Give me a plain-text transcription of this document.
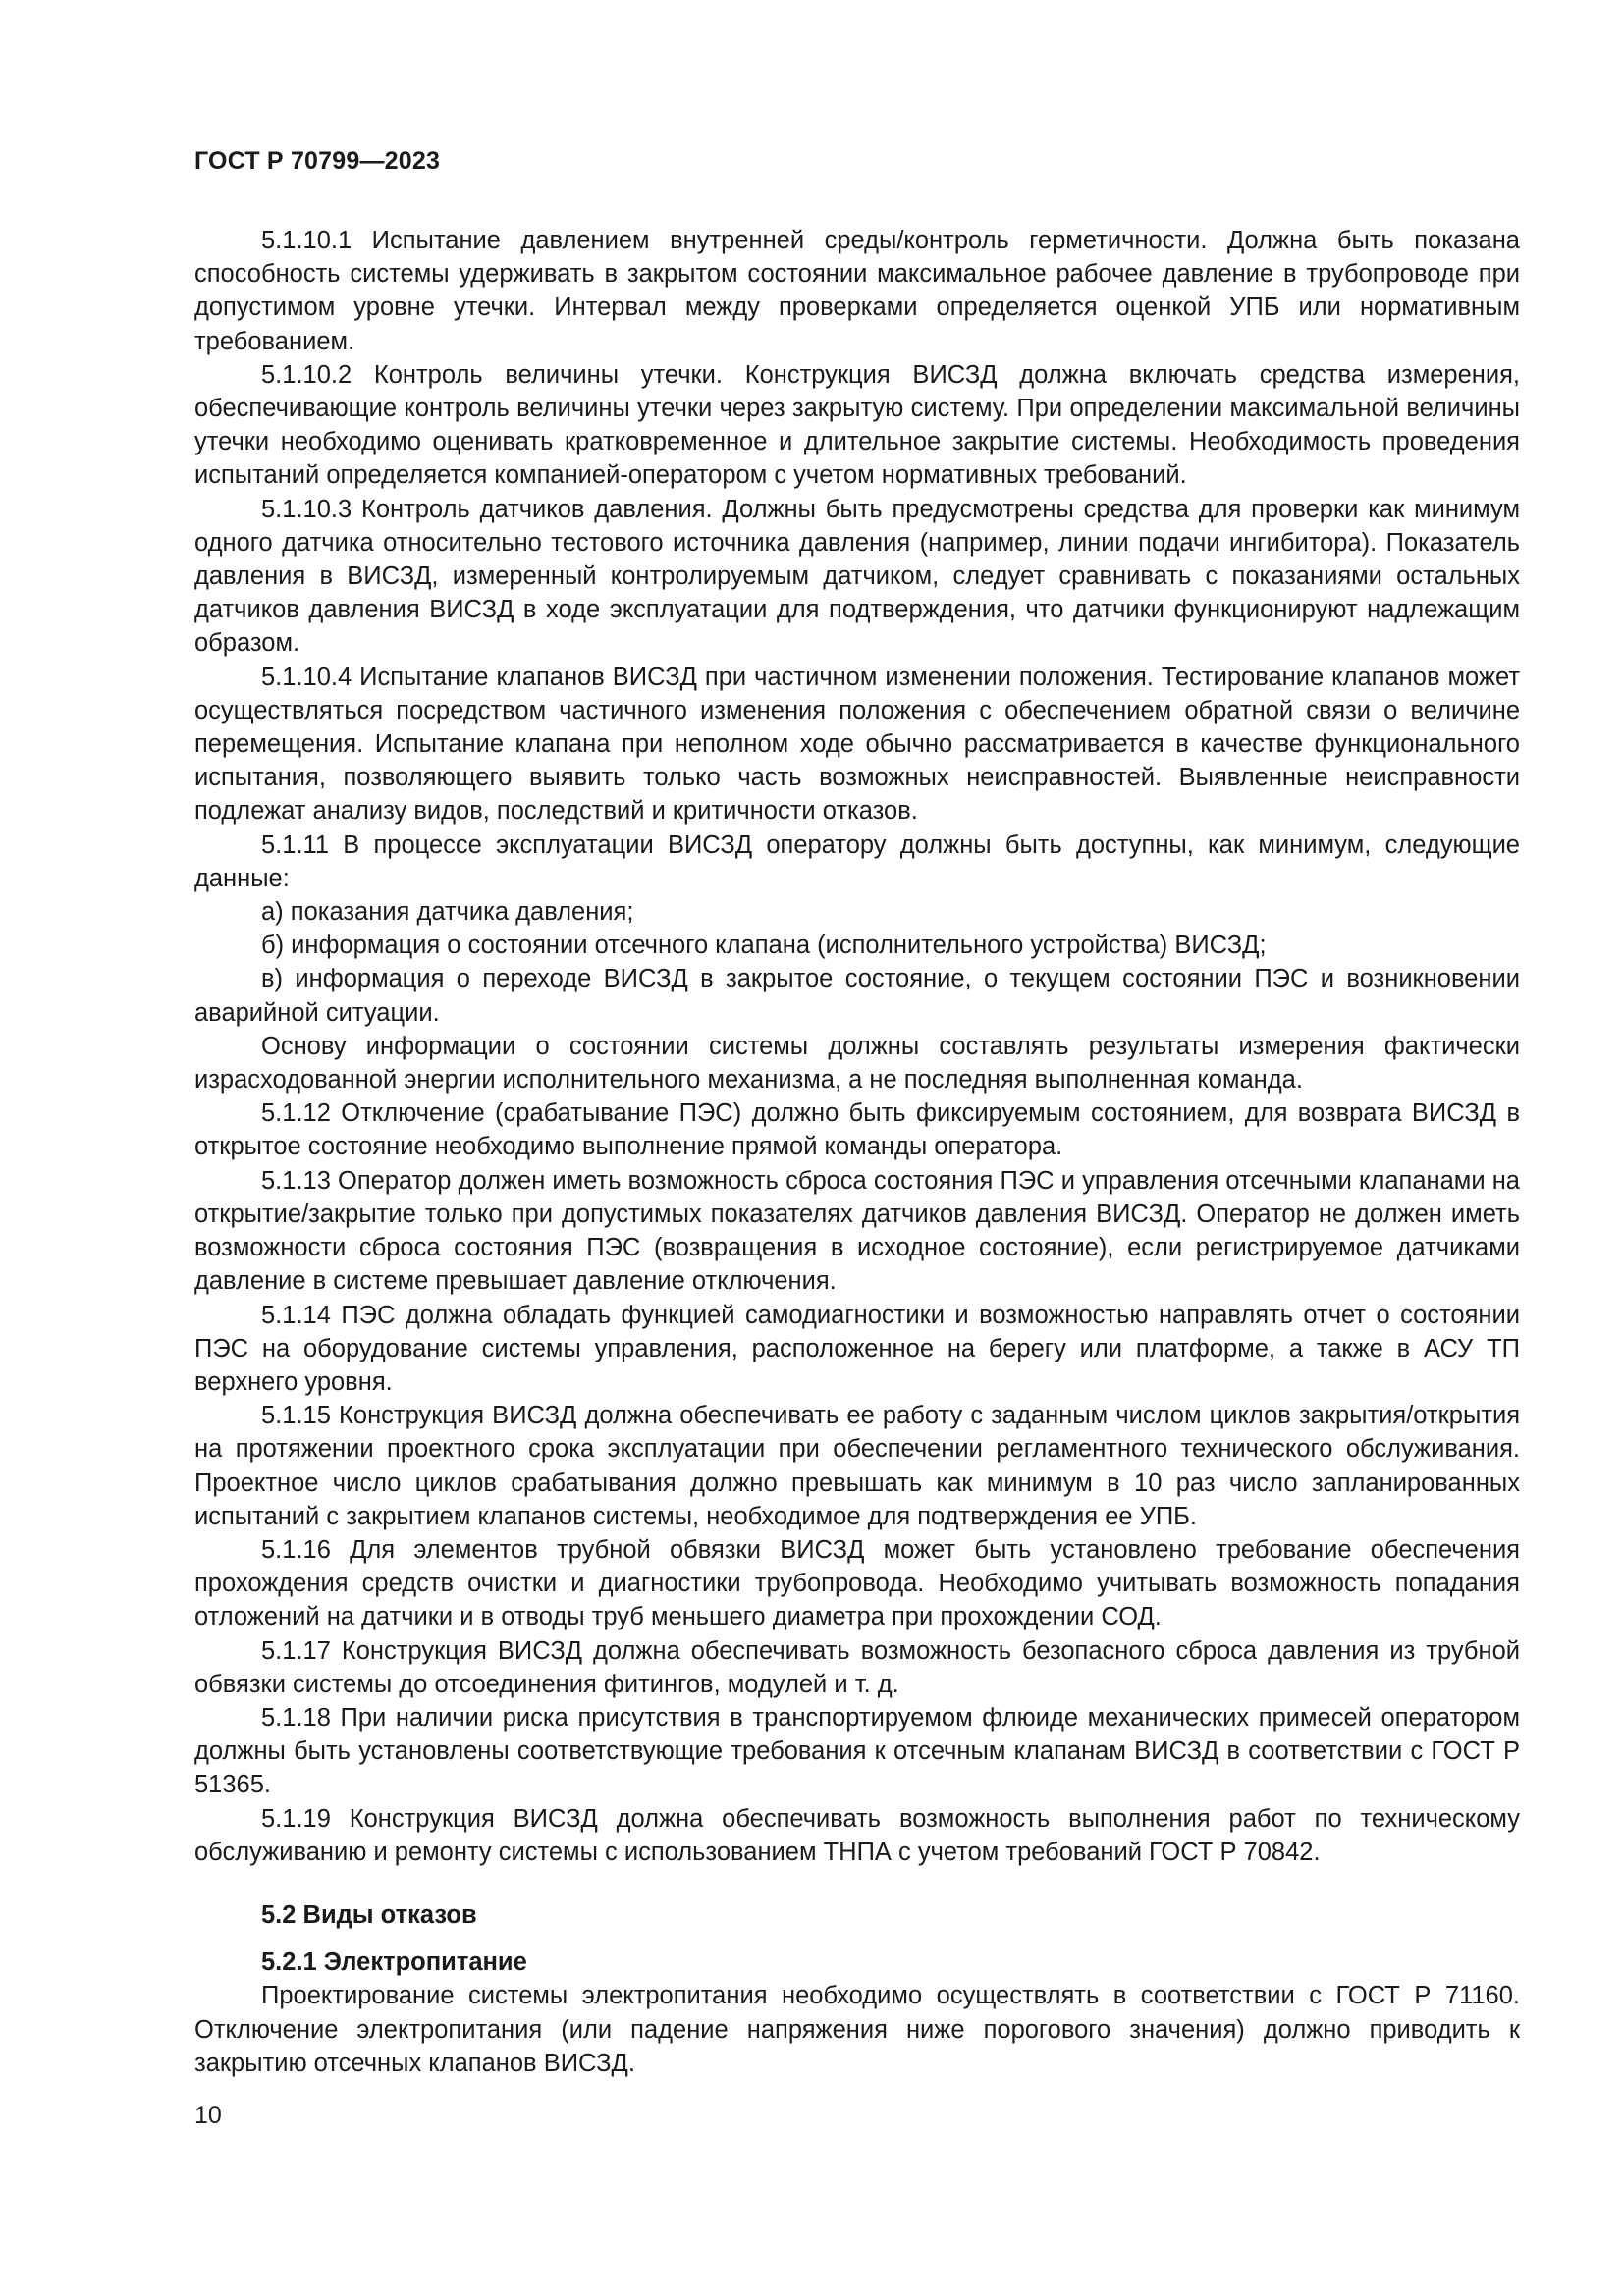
ГОСТ Р 70799—2023

5.1.10.1 Испытание давлением внутренней среды/контроль герметичности. Должна быть показана способность системы удерживать в закрытом состоянии максимальное рабочее давление в трубопроводе при допустимом уровне утечки. Интервал между проверками определяется оценкой УПБ или нормативным требованием.

5.1.10.2 Контроль величины утечки. Конструкция ВИСЗД должна включать средства измерения, обеспечивающие контроль величины утечки через закрытую систему. При определении максимальной величины утечки необходимо оценивать кратковременное и длительное закрытие системы. Необходимость проведения испытаний определяется компанией-оператором с учетом нормативных требований.

5.1.10.3 Контроль датчиков давления. Должны быть предусмотрены средства для проверки как минимум одного датчика относительно тестового источника давления (например, линии подачи ингибитора). Показатель давления в ВИСЗД, измеренный контролируемым датчиком, следует сравнивать с показаниями остальных датчиков давления ВИСЗД в ходе эксплуатации для подтверждения, что датчики функционируют надлежащим образом.

5.1.10.4 Испытание клапанов ВИСЗД при частичном изменении положения. Тестирование клапанов может осуществляться посредством частичного изменения положения с обеспечением обратной связи о величине перемещения. Испытание клапана при неполном ходе обычно рассматривается в качестве функционального испытания, позволяющего выявить только часть возможных неисправностей. Выявленные неисправности подлежат анализу видов, последствий и критичности отказов.

5.1.11 В процессе эксплуатации ВИСЗД оператору должны быть доступны, как минимум, следующие данные:

а) показания датчика давления;

б) информация о состоянии отсечного клапана (исполнительного устройства) ВИСЗД;

в) информация о переходе ВИСЗД в закрытое состояние, о текущем состоянии ПЭС и возникновении аварийной ситуации.

Основу информации о состоянии системы должны составлять результаты измерения фактически израсходованной энергии исполнительного механизма, а не последняя выполненная команда.

5.1.12 Отключение (срабатывание ПЭС) должно быть фиксируемым состоянием, для возврата ВИСЗД в открытое состояние необходимо выполнение прямой команды оператора.

5.1.13 Оператор должен иметь возможность сброса состояния ПЭС и управления отсечными клапанами на открытие/закрытие только при допустимых показателях датчиков давления ВИСЗД. Оператор не должен иметь возможности сброса состояния ПЭС (возвращения в исходное состояние), если регистрируемое датчиками давление в системе превышает давление отключения.

5.1.14 ПЭС должна обладать функцией самодиагностики и возможностью направлять отчет о состоянии ПЭС на оборудование системы управления, расположенное на берегу или платформе, а также в АСУ ТП верхнего уровня.

5.1.15 Конструкция ВИСЗД должна обеспечивать ее работу с заданным числом циклов закрытия/открытия на протяжении проектного срока эксплуатации при обеспечении регламентного технического обслуживания. Проектное число циклов срабатывания должно превышать как минимум в 10 раз число запланированных испытаний с закрытием клапанов системы, необходимое для подтверждения ее УПБ.

5.1.16 Для элементов трубной обвязки ВИСЗД может быть установлено требование обеспечения прохождения средств очистки и диагностики трубопровода. Необходимо учитывать возможность попадания отложений на датчики и в отводы труб меньшего диаметра при прохождении СОД.

5.1.17 Конструкция ВИСЗД должна обеспечивать возможность безопасного сброса давления из трубной обвязки системы до отсоединения фитингов, модулей и т. д.

5.1.18 При наличии риска присутствия в транспортируемом флюиде механических примесей оператором должны быть установлены соответствующие требования к отсечным клапанам ВИСЗД в соответствии с ГОСТ Р 51365.

5.1.19 Конструкция ВИСЗД должна обеспечивать возможность выполнения работ по техническому обслуживанию и ремонту системы с использованием ТНПА с учетом требований ГОСТ Р 70842.

5.2 Виды отказов
5.2.1 Электропитание

Проектирование системы электропитания необходимо осуществлять в соответствии с ГОСТ Р 71160. Отключение электропитания (или падение напряжения ниже порогового значения) должно приводить к закрытию отсечных клапанов ВИСЗД.

10
